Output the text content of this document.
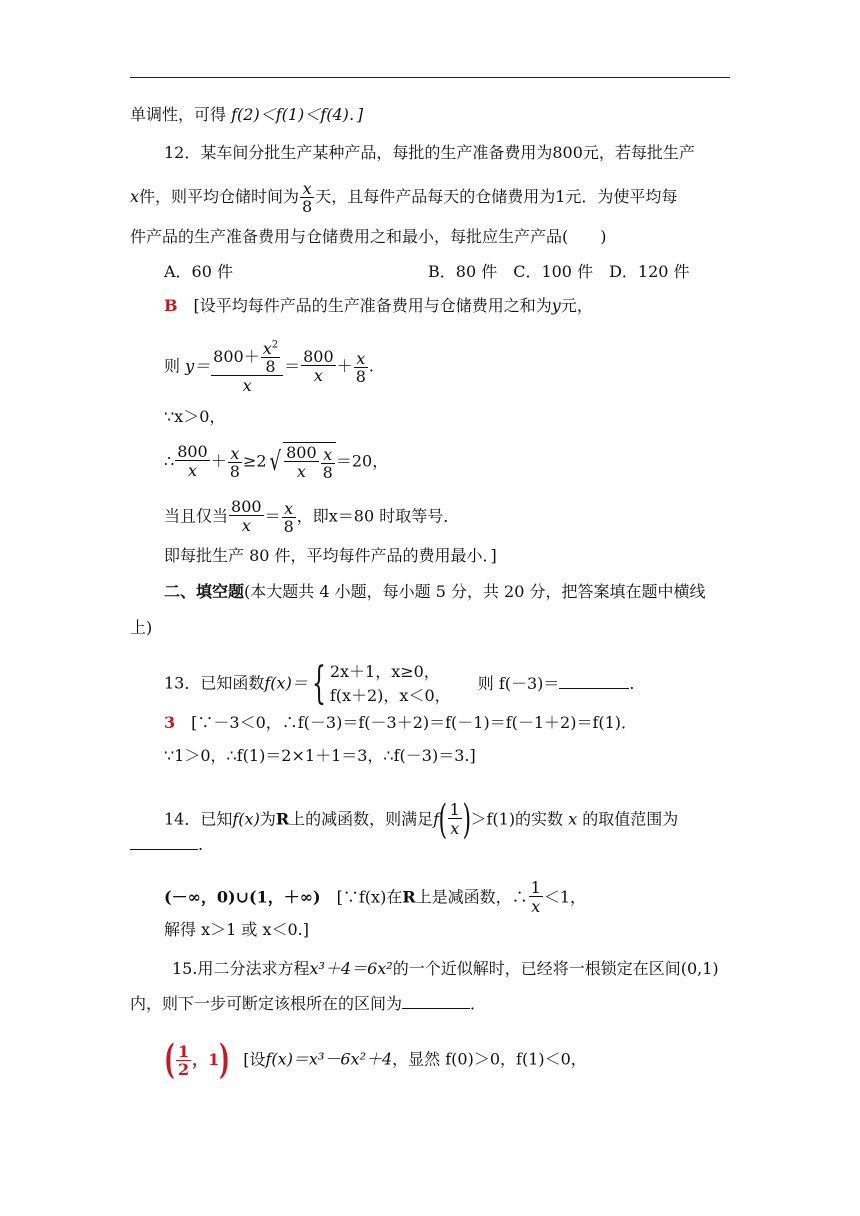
单调性，可得 f(2)＜f(1)＜f(4)．]
12．某车间分批生产某种产品，每批的生产准备费用为800元，若每批生产
x件，则平均仓储时间为 $\frac{x}{8}$ 天，且每件产品每天的仓储费用为1元．为使平均每
件产品的生产准备费用与仓储费用之和最小，每批应生产产品(　　)
A．60 件	B．80 件　C．100 件　D．120 件
B　 [设平均每件产品的生产准备费用与仓储费用之和为y元，
则 $y= \frac{800+ \frac{x^2}{8}}{x}= \frac{800}{x}+ \frac{x}{8}$ .
∵x＞0，
∴ $\frac{800}{x}+ \frac{x}{8} \ge 2√ \frac{800}{x} \frac{x}{8} =20$，
当且仅当 $\frac{800}{x}= \frac{x}{8}$ ，即x＝80 时取等号．
即每批生产 80 件，平均每件产品的费用最小．]
二、填空题(本大题共 4 小题，每小题 5 分，共 20 分，把答案填在题中横线
上)
13．已知函数f(x)＝{ 2x＋1，x≥0，
f(x＋2)，x＜0，
则 f(－3)＝	．
3　 [∵－3＜0，∴f(－3)＝f(－3＋2)＝f(－1)＝f(－1＋2)＝f(1)．
∵1＞0，∴f(1)＝2×1＋1＝3，∴f(－3)＝3.]
14．已知f(x)为R上的减函数，则满足$f( \frac{1}{x})>f(1)$的实数 x 的取值范围为
.
(－∞，0)∪(1，＋∞)　 [∵f(x)在R上是减函数，∴ $\frac{1}{x}<1$，
解得 x＞1 或 x＜0.]
15.用二分法求方程x³＋4＝6x²的一个近似解时，已经将一根锁定在区间(0,1)
内，则下一步可断定该根所在的区间为	．
( $\frac{1}{2}$ ，1) [设f(x)＝x³－6x²＋4，显然 f(0)＞0，f(1)＜0，
